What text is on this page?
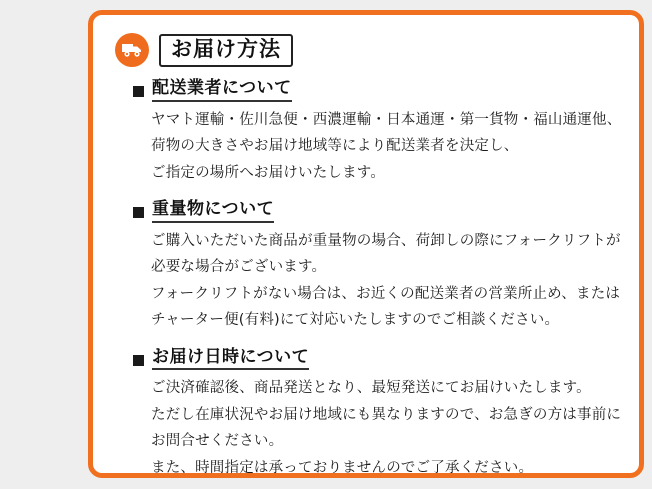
お届け方法
配送業者について

ヤマト運輸・佐川急便・西濃運輸・日本通運・第一貨物・福山通運他、

荷物の大きさやお届け地域等により配送業者を決定し、

ご指定の場所へお届けいたします。

重量物について

ご購入いただいた商品が重量物の場合、荷卸しの際にフォークリフトが

必要な場合がございます。

フォークリフトがない場合は、お近くの配送業者の営業所止め、または

チャーター便(有料)にて対応いたしますのでご相談ください。

お届け日時について

ご決済確認後、商品発送となり、最短発送にてお届けいたします。

ただし在庫状況やお届け地域にも異なりますので、お急ぎの方は事前に

お問合せください。

また、時間指定は承っておりませんのでご了承ください。
